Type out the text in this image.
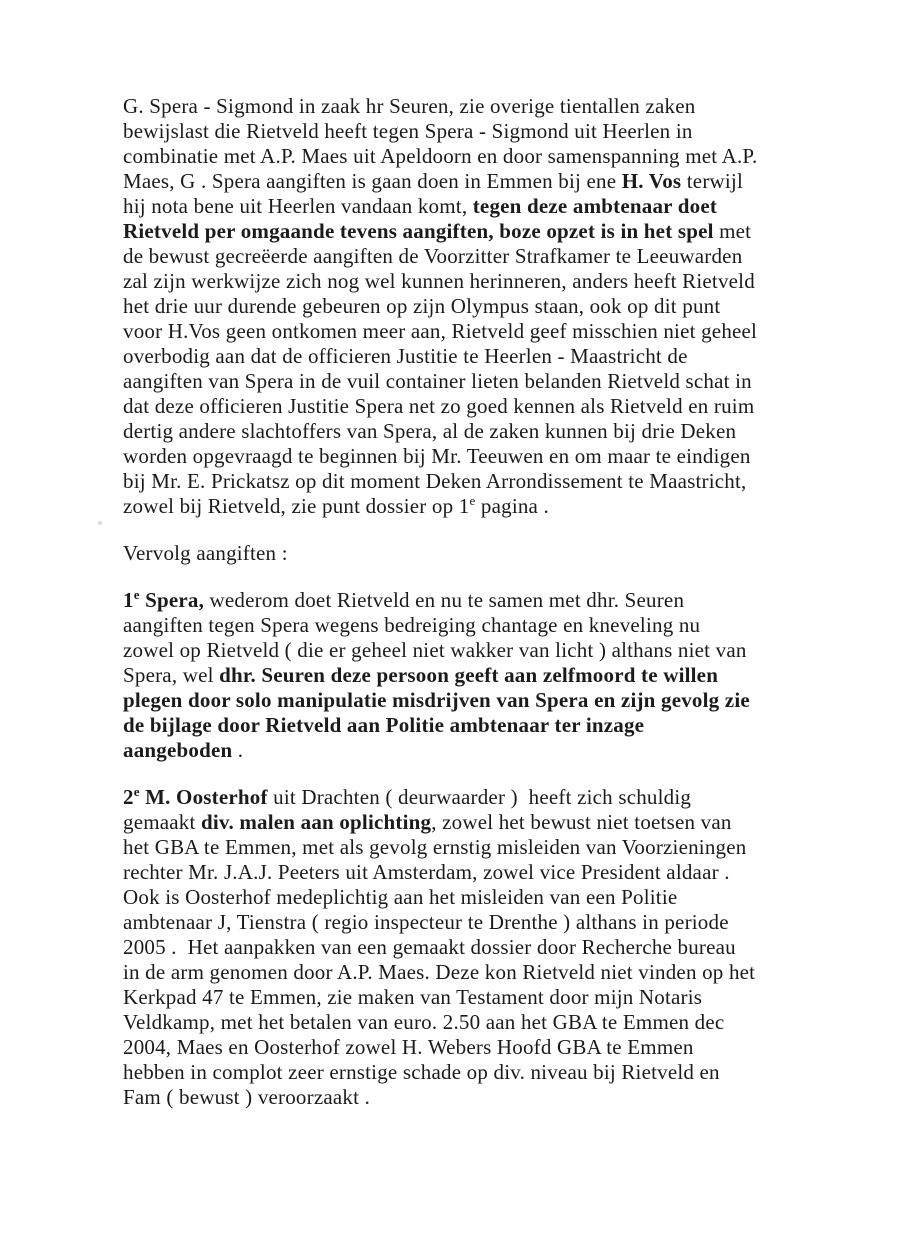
G. Spera - Sigmond in zaak hr Seuren, zie overige tientallen zaken
bewijslast die Rietveld heeft tegen Spera - Sigmond uit Heerlen in
combinatie met A.P. Maes uit Apeldoorn en door samenspanning met A.P.
Maes, G . Spera aangiften is gaan doen in Emmen bij ene H. Vos terwijl
hij nota bene uit Heerlen vandaan komt, tegen deze ambtenaar doet
Rietveld per omgaande tevens aangiften, boze opzet is in het spel met
de bewust gecreëerde aangiften de Voorzitter Strafkamer te Leeuwarden
zal zijn werkwijze zich nog wel kunnen herinneren, anders heeft Rietveld
het drie uur durende gebeuren op zijn Olympus staan, ook op dit punt
voor H.Vos geen ontkomen meer aan, Rietveld geef misschien niet geheel
overbodig aan dat de officieren Justitie te Heerlen - Maastricht de
aangiften van Spera in de vuil container lieten belanden Rietveld schat in
dat deze officieren Justitie Spera net zo goed kennen als Rietveld en ruim
dertig andere slachtoffers van Spera, al de zaken kunnen bij drie Deken
worden opgevraagd te beginnen bij Mr. Teeuwen en om maar te eindigen
bij Mr. E. Prickatsz op dit moment Deken Arrondissement te Maastricht,
zowel bij Rietveld, zie punt dossier op 1e pagina .
Vervolg aangiften :
1e Spera, wederom doet Rietveld en nu te samen met dhr. Seuren
aangiften tegen Spera wegens bedreiging chantage en kneveling nu
zowel op Rietveld ( die er geheel niet wakker van licht ) althans niet van
Spera, wel dhr. Seuren deze persoon geeft aan zelfmoord te willen
plegen door solo manipulatie misdrijven van Spera en zijn gevolg zie
de bijlage door Rietveld aan Politie ambtenaar ter inzage
aangeboden .
2e M. Oosterhof uit Drachten ( deurwaarder )  heeft zich schuldig
gemaakt div. malen aan oplichting, zowel het bewust niet toetsen van
het GBA te Emmen, met als gevolg ernstig misleiden van Voorzieningen
rechter Mr. J.A.J. Peeters uit Amsterdam, zowel vice President aldaar .
Ook is Oosterhof medeplichtig aan het misleiden van een Politie
ambtenaar J, Tienstra ( regio inspecteur te Drenthe ) althans in periode
2005 .  Het aanpakken van een gemaakt dossier door Recherche bureau
in de arm genomen door A.P. Maes. Deze kon Rietveld niet vinden op het
Kerkpad 47 te Emmen, zie maken van Testament door mijn Notaris
Veldkamp, met het betalen van euro. 2.50 aan het GBA te Emmen dec
2004, Maes en Oosterhof zowel H. Webers Hoofd GBA te Emmen
hebben in complot zeer ernstige schade op div. niveau bij Rietveld en
Fam ( bewust ) veroorzaakt .
